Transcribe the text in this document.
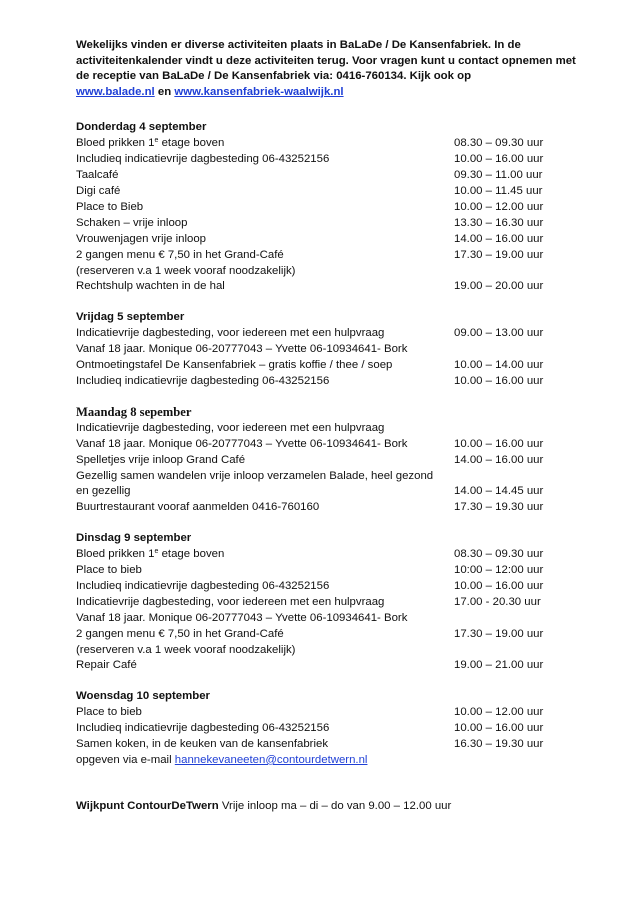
Wekelijks vinden er diverse activiteiten plaats in BaLaDe / De Kansenfabriek. In de activiteitenkalender vindt u deze activiteiten terug. Voor vragen kunt u contact opnemen met de receptie van BaLaDe / De Kansenfabriek via: 0416-760134. Kijk ook op
www.balade.nl en www.kansenfabriek-waalwijk.nl

Donderdag 4 september
Bloed prikken 1e etage boven	08.30 – 09.30 uur
Includieq indicatievrije dagbesteding 06-43252156	10.00 – 16.00 uur
Taalcafé	09.30 – 11.00 uur
Digi café	10.00 – 11.45 uur
Place to Bieb	10.00 – 12.00 uur
Schaken – vrije inloop	13.30 – 16.30 uur
Vrouwenjagen vrije inloop	14.00 – 16.00 uur
2 gangen menu € 7,50 in het Grand-Café	17.30 – 19.00 uur
(reserveren v.a 1 week vooraf noodzakelijk)
Rechtshulp wachten in de hal	19.00 – 20.00 uur
Vrijdag 5 september
Indicatievrije dagbesteding, voor iedereen met een hulpvraag	09.00 – 13.00 uur
Vanaf 18 jaar. Monique 06-20777043 – Yvette 06-10934641- Bork
Ontmoetingstafel De Kansenfabriek – gratis koffie / thee / soep	10.00 – 14.00 uur
Includieq indicatievrije dagbesteding 06-43252156	10.00 – 16.00 uur
Maandag 8 sepember
Indicatievrije dagbesteding, voor iedereen met een hulpvraag
Vanaf 18 jaar. Monique 06-20777043 – Yvette 06-10934641- Bork	10.00 – 16.00 uur
Spelletjes vrije inloop Grand Café	14.00 – 16.00 uur
Gezellig samen wandelen vrije inloop verzamelen Balade, heel gezond
en gezellig	14.00 – 14.45 uur
Buurtrestaurant vooraf aanmelden 0416-760160	17.30 – 19.30 uur
Dinsdag 9 september
Bloed prikken 1e etage boven	08.30 – 09.30 uur
Place to bieb	10:00 – 12:00 uur
Includieq indicatievrije dagbesteding 06-43252156	10.00 – 16.00 uur
Indicatievrije dagbesteding, voor iedereen met een hulpvraag	17.00 - 20.30 uur
Vanaf 18 jaar. Monique 06-20777043 – Yvette 06-10934641- Bork
2 gangen menu € 7,50 in het Grand-Café	17.30 – 19.00 uur
(reserveren v.a 1 week vooraf noodzakelijk)
Repair Café	19.00 – 21.00 uur
Woensdag 10 september
Place to bieb	10.00 – 12.00 uur
Includieq indicatievrije dagbesteding 06-43252156	10.00 – 16.00 uur
Samen koken, in de keuken van de kansenfabriek	16.30 – 19.30 uur
opgeven via e-mail hannekevaneeten@contourdetwern.nl
Wijkpunt ContourDeTwern Vrije inloop ma – di – do van 9.00 – 12.00 uur
